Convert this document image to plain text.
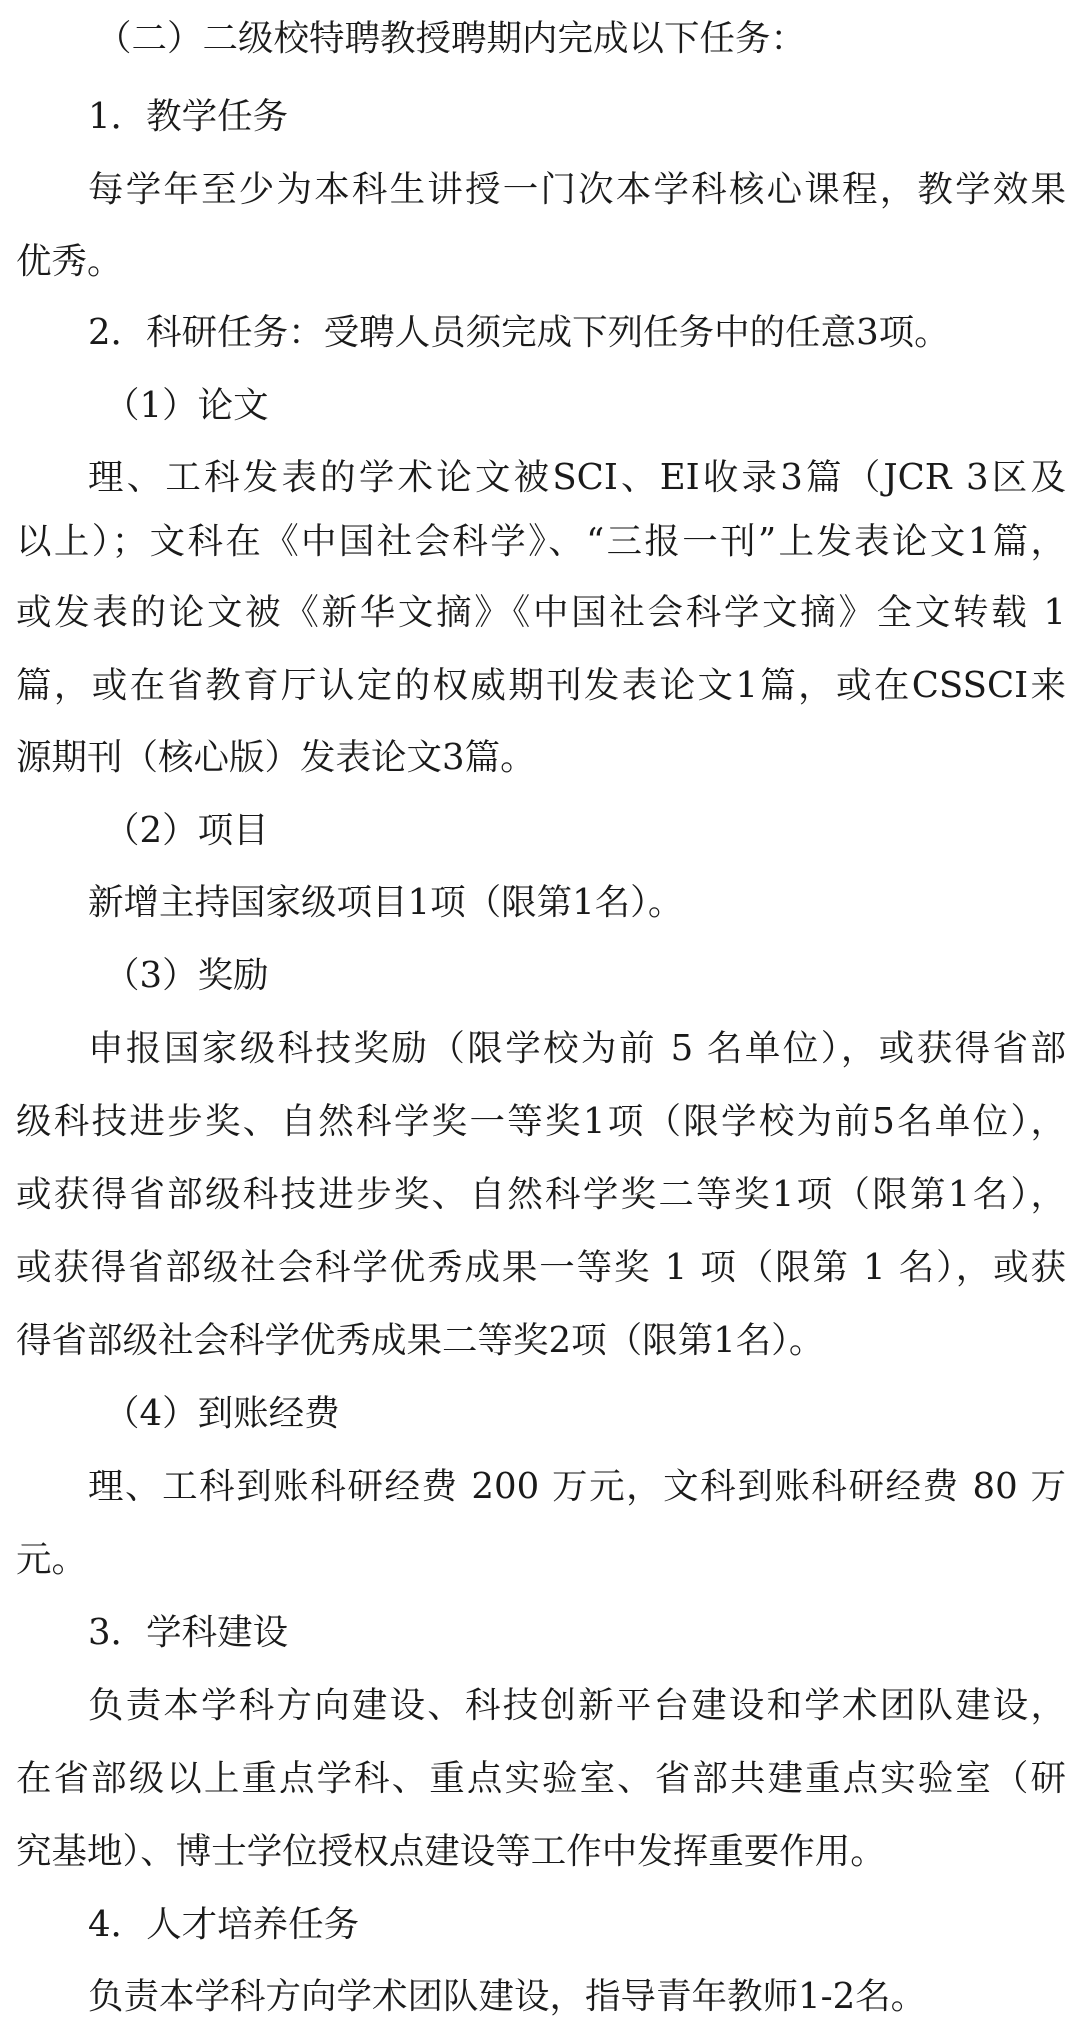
（二）二级校特聘教授聘期内完成以下任务：
1．教学任务
每学年至少为本科生讲授一门次本学科核心课程，教学效果
优秀。
2．科研任务：受聘人员须完成下列任务中的任意3项。
（1）论文
理、工科发表的学术论文被SCI、EI收录3篇（JCR 3区及
以上）；文科在《中国社会科学》、“三报一刊”上发表论文1篇，
或发表的论文被《新华文摘》《中国社会科学文摘》全文转载 1
篇，或在省教育厅认定的权威期刊发表论文1篇，或在CSSCI来
源期刊（核心版）发表论文3篇。
（2）项目
新增主持国家级项目1项（限第1名）。
（3）奖励
申报国家级科技奖励（限学校为前 5 名单位），或获得省部
级科技进步奖、自然科学奖一等奖1项（限学校为前5名单位），
或获得省部级科技进步奖、自然科学奖二等奖1项（限第1名），
或获得省部级社会科学优秀成果一等奖 1 项（限第 1 名），或获
得省部级社会科学优秀成果二等奖2项（限第1名）。
（4）到账经费
理、工科到账科研经费 200 万元，文科到账科研经费 80 万
元。
3．学科建设
负责本学科方向建设、科技创新平台建设和学术团队建设，
在省部级以上重点学科、重点实验室、省部共建重点实验室（研
究基地）、博士学位授权点建设等工作中发挥重要作用。
4．人才培养任务
负责本学科方向学术团队建设，指导青年教师1-2名。
